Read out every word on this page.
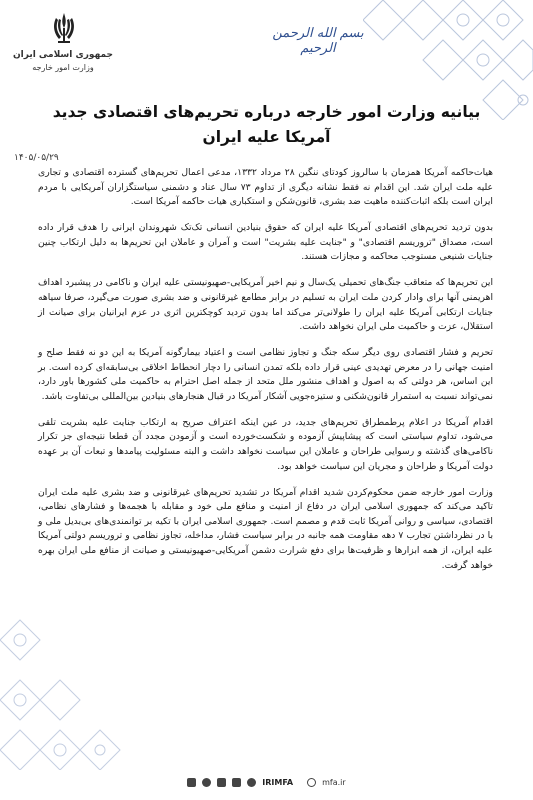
جمهوری اسلامی ایران
وزارت امور خارجه
بسم الله الرحمن الرحیم
بیانیه وزارت امور خارجه درباره تحریم‌های اقتصادی جدید آمریکا علیه ایران
۱۴۰۵/۰۵/۲۹

هیات‌حاکمه آمریکا همزمان با سالروز کودتای ننگین ۲۸ مرداد ۱۳۳۲، مدعی اعمال تحریم‌های گسترده اقتصادی و تجاری علیه ملت ایران شد. این اقدام نه فقط نشانه دیگری از تداوم ۷۳ سال عناد و دشمنی سیاستگزاران آمریکایی با مردم ایران است بلکه اثبات‌کننده ماهیت ضد بشری، قانون‌شکن و استکباری هیات حاکمه آمریکا است.

بدون تردید تحریم‌های اقتصادی آمریکا علیه ایران که حقوق بنیادین انسانی تک‌تک شهروندان ایرانی را هدف قرار داده است، مصداق "تروریسم اقتصادی" و "جنایت علیه بشریت" است و آمران و عاملان این تحریم‌ها به دلیل ارتکاب چنین جنایات شنیعی مستوجب محاکمه و مجازات هستند.

این تحریم‌ها که متعاقب جنگ‌های تحمیلی یک‌سال و نیم اخیر آمریکایی-صهیونیستی علیه ایران و ناکامی در پیشبرد اهداف اهریمنی آنها برای وادار کردن ملت ایران به تسلیم در برابر مطامع غیرقانونی و ضد بشری صورت می‌گیرد، صرفا سیاهه جنایات ارتکابی آمریکا علیه ایران را طولانی‌تر می‌کند اما بدون تردید کوچکترین اثری در عزم ایرانیان برای صیانت از استقلال، عزت و حاکمیت ملی ایران نخواهد داشت.

تحریم و فشار اقتصادی روی دیگر سکه جنگ و تجاوز نظامی است و اعتیاد بیمارگونه آمریکا به این دو نه فقط صلح و امنیت جهانی را در معرض تهدیدی عینی قرار داده بلکه تمدن انسانی را دچار انحطاط اخلاقی بی‌سابقه‌ای کرده است. بر این اساس، هر دولتی که به اصول و اهداف منشور ملل متحد از جمله اصل احترام به حاکمیت ملی کشورها باور دارد، نمی‌تواند نسبت به استمرار قانون‌شکنی و ستیزه‌جویی آشکار آمریکا در قبال هنجارهای بنیادین بین‌المللی بی‌تفاوت باشد.

اقدام آمریکا در اعلام پرطمطراق تحریم‌های جدید، در عین اینکه اعتراف صریح به ارتکاب جنایت علیه بشریت تلقی می‌شود، تداوم سیاستی است که پیشاپیش آزموده و شکست‌خورده است و آزمودن مجدد آن قطعا نتیجه‌ای جز تکرار ناکامی‌های گذشته و رسوایی طراحان و عاملان این سیاست نخواهد داشت و البته مسئولیت پیامدها و تبعات آن بر عهده دولت آمریکا و طراحان و مجریان این سیاست خواهد بود.

وزارت امور خارجه ضمن محکوم‌کردن شدید اقدام آمریکا در تشدید تحریم‌های غیرقانونی و ضد بشری علیه ملت ایران تاکید می‌کند که جمهوری اسلامی ایران در دفاع از امنیت و منافع ملی خود و مقابله با هجمه‌ها و فشارهای نظامی، اقتصادی، سیاسی و روانی آمریکا ثابت قدم و مصمم است. جمهوری اسلامی ایران با تکیه بر توانمندی‌های بی‌بدیل ملی و با در نظرداشتن تجارب ۷ دهه مقاومت همه جانبه در برابر سیاست فشار، مداخله، تجاوز نظامی و تروریسم دولتی آمریکا علیه ایران، از همه ابزارها و ظرفیت‌ها برای دفع شرارت دشمن آمریکایی-صهیونیستی و صیانت از منافع ملی ایران بهره خواهد گرفت.

IRIMFA	mfa.ir
